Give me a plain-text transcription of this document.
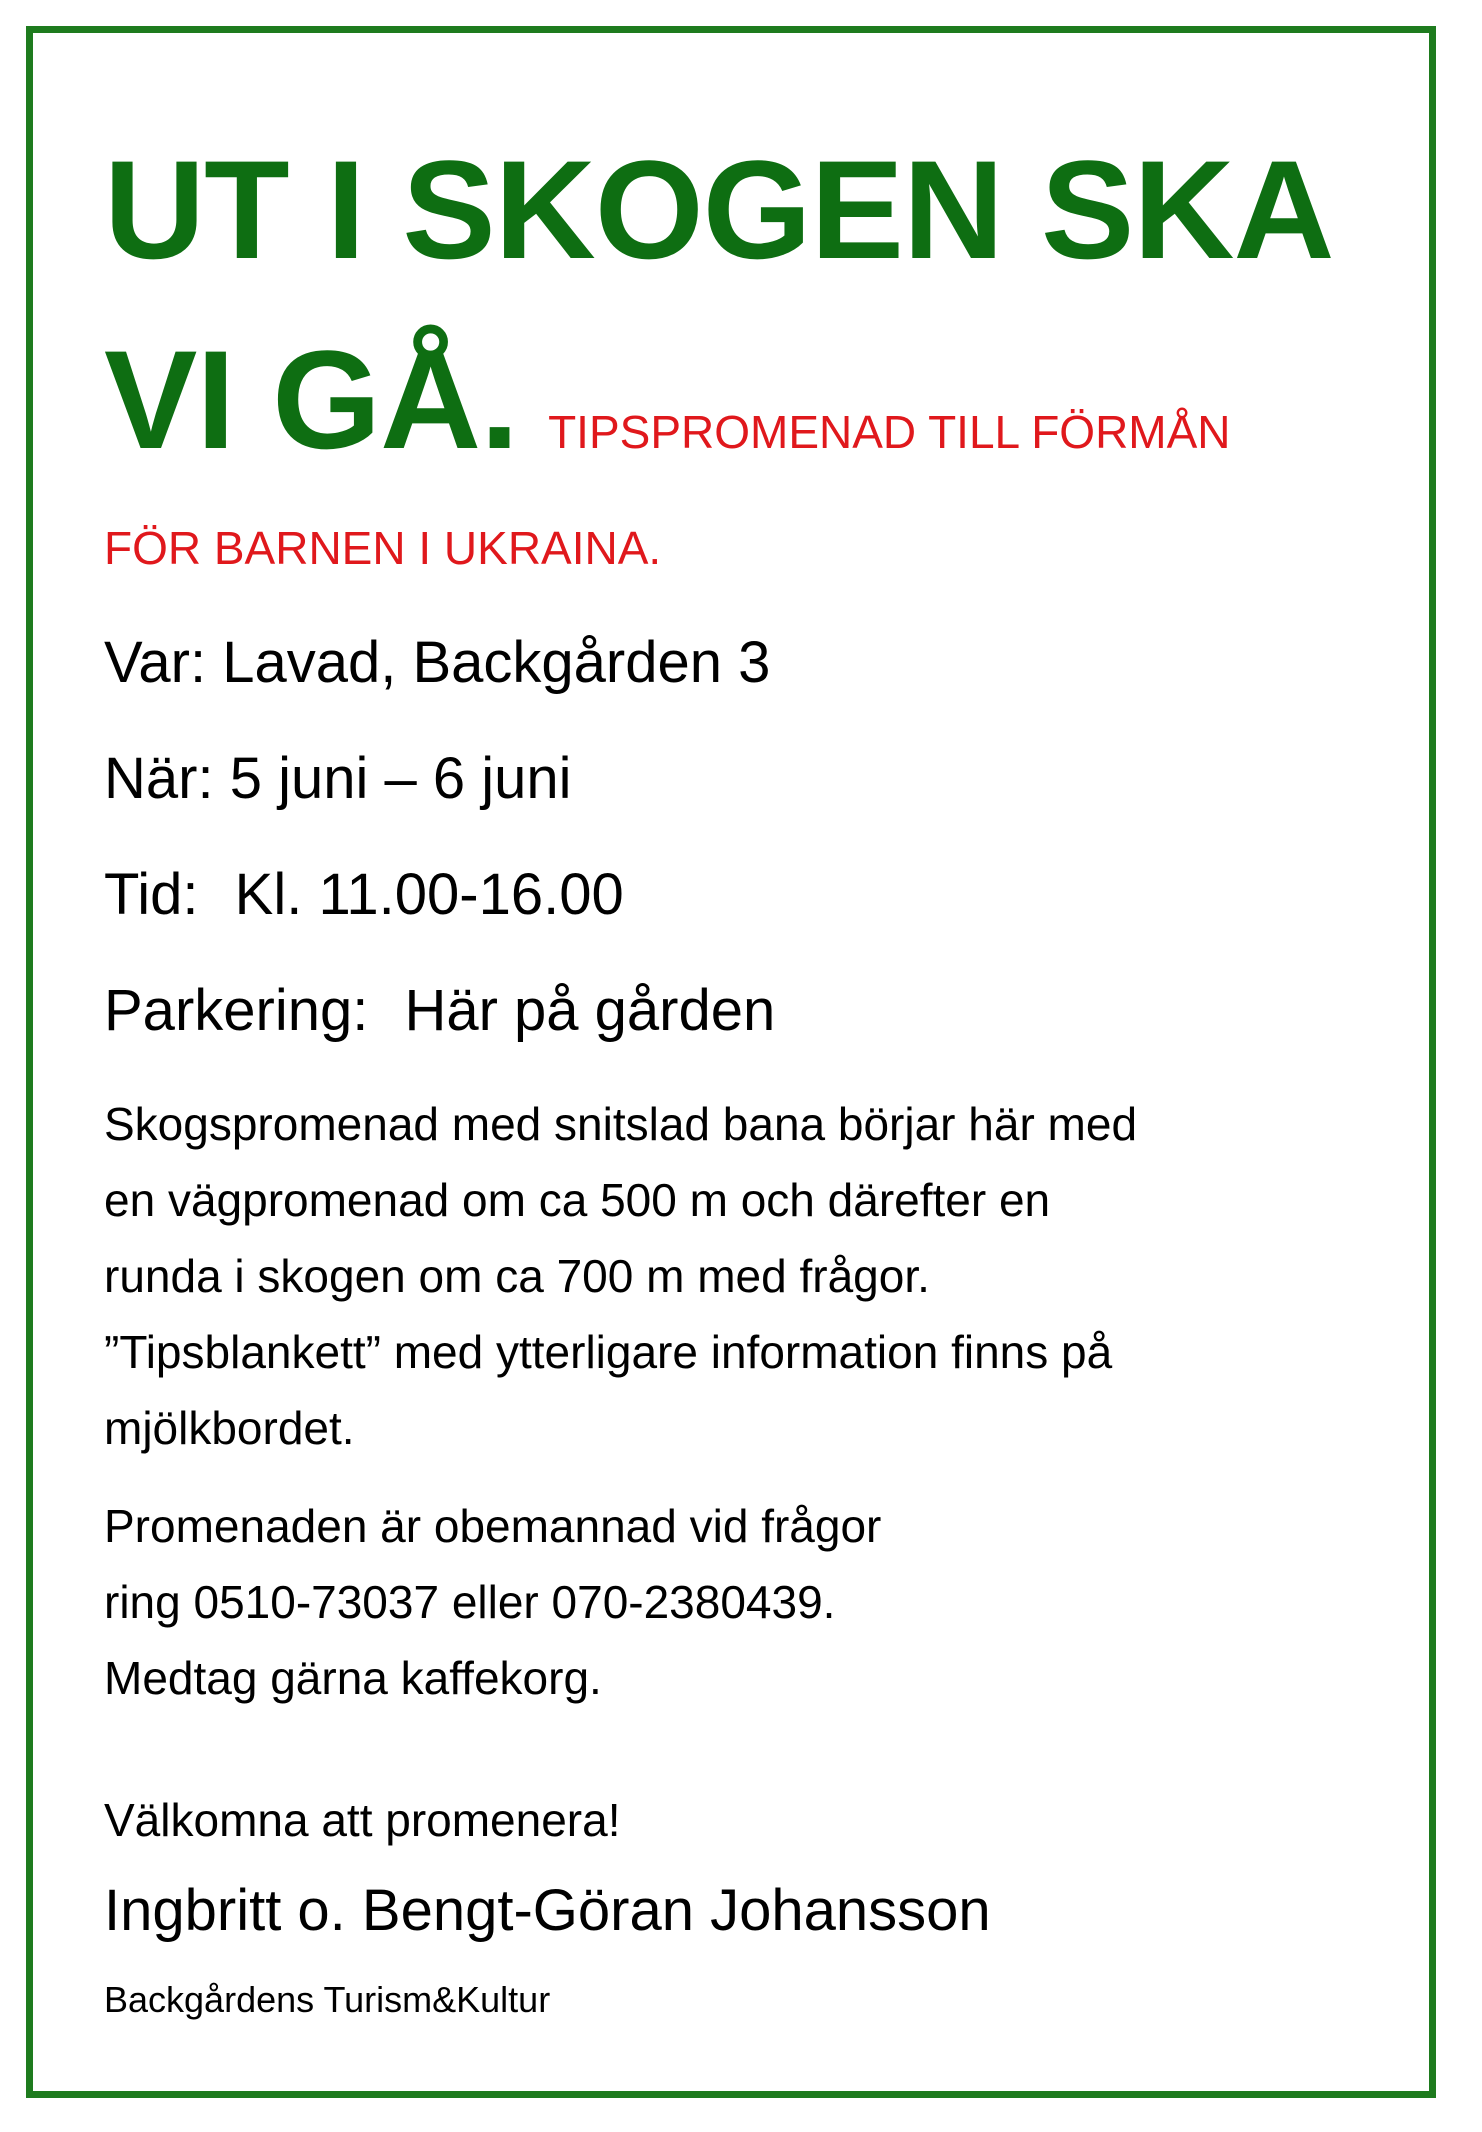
UT I SKOGEN SKA
VI GÅ. TIPSPROMENAD TILL FÖRMÅN
FÖR BARNEN I UKRAINA.
Var: Lavad, Backgården 3
När: 5 juni – 6 juni
Tid: Kl. 11.00-16.00
Parkering: Här på gården
Skogspromenad med snitslad bana börjar här med
en vägpromenad om ca 500 m och därefter en
runda i skogen om ca 700 m med frågor.
”Tipsblankett” med ytterligare information finns på
mjölkbordet.
Promenaden är obemannad vid frågor
ring 0510-73037 eller 070-2380439.
Medtag gärna kaffekorg.
Välkomna att promenera!
Ingbritt o. Bengt-Göran Johansson
Backgårdens Turism&Kultur
